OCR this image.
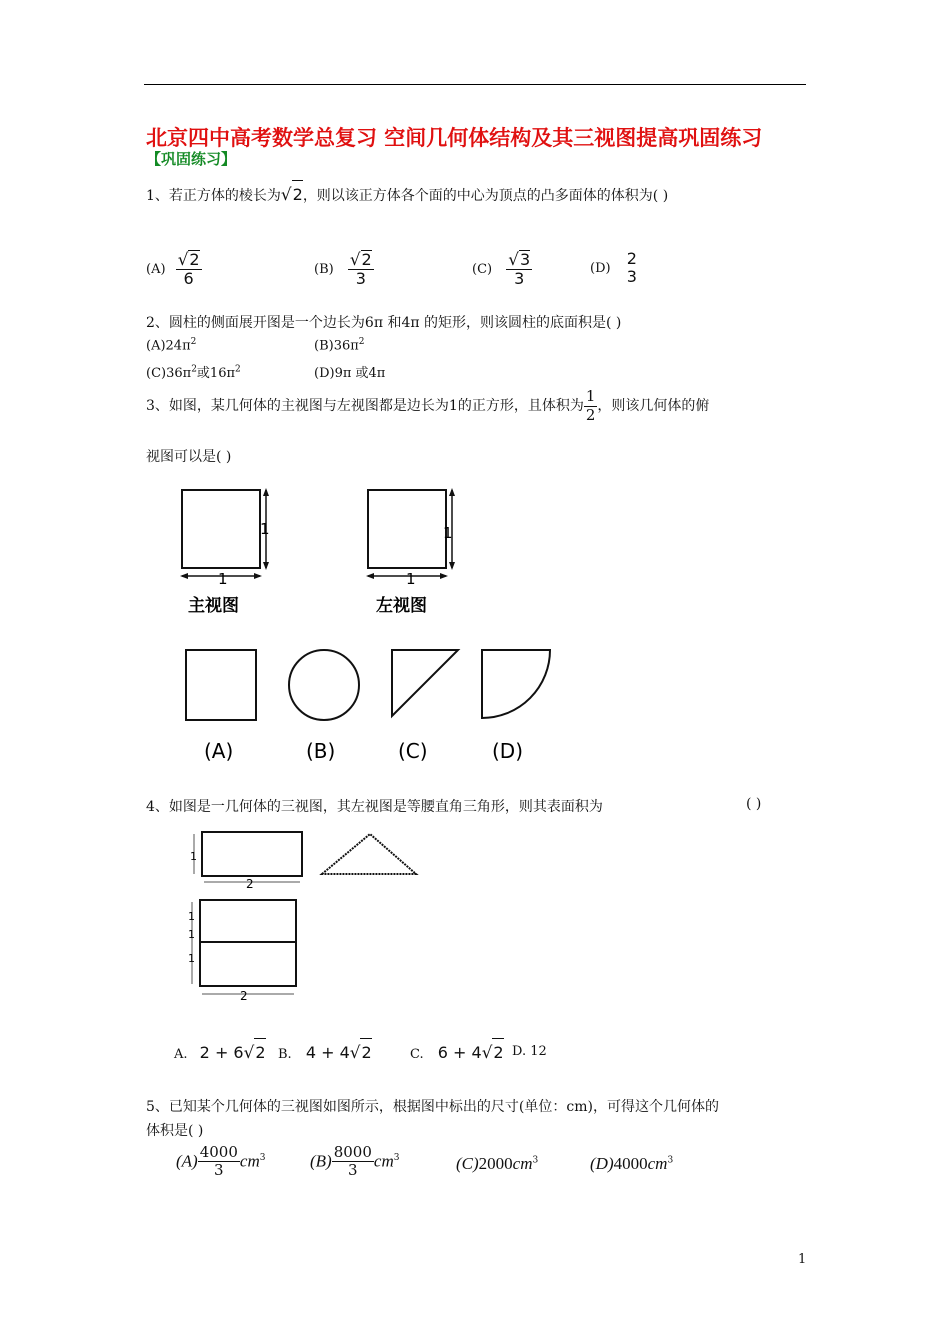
北京四中高考数学总复习 空间几何体结构及其三视图提高巩固练习
【巩固练习】
1、若正方体的棱长为√2，则以该正方体各个面的中心为顶点的凸多面体的体积为( )
$(A) \frac{√2}{6}$	$(B) \frac{√2}{3}$	$(C) \frac{√3}{3}$	(D)
2
3
2、圆柱的侧面展开图是一个边长为6π 和4π 的矩形，则该圆柱的底面积是( )
$(A)24\pi^2$	$(B)36\pi^2$
$(C)36\pi^2$或$16\pi^2$	(D)9π 或4π
3、如图，某几何体的主视图与左视图都是边长为1的正方形，且体积为 $\frac{1}{2}$ ，则该几何体的俯
视图可以是( )
1
1
主视图
1
1
左视图
(A)	(B)	(C)	(D)
4、如图是一几何体的三视图，其左视图是等腰直角三角形，则其表面积为	( )
1
2
1
1
1
2
A. 2 + 6√2 B. 4 + 4√2	C. 6 + 4√2 D. 12
5、已知某个几何体的三视图如图所示，根据图中标出的尺寸(单位：cm)，可得这个几何体的
体积是( )
$(A) \frac{4000}{3} cm^3$	$(B) \frac{8000}{3} cm^3$	$(C)2000cm^3$	$(D)4000cm^3$
1
